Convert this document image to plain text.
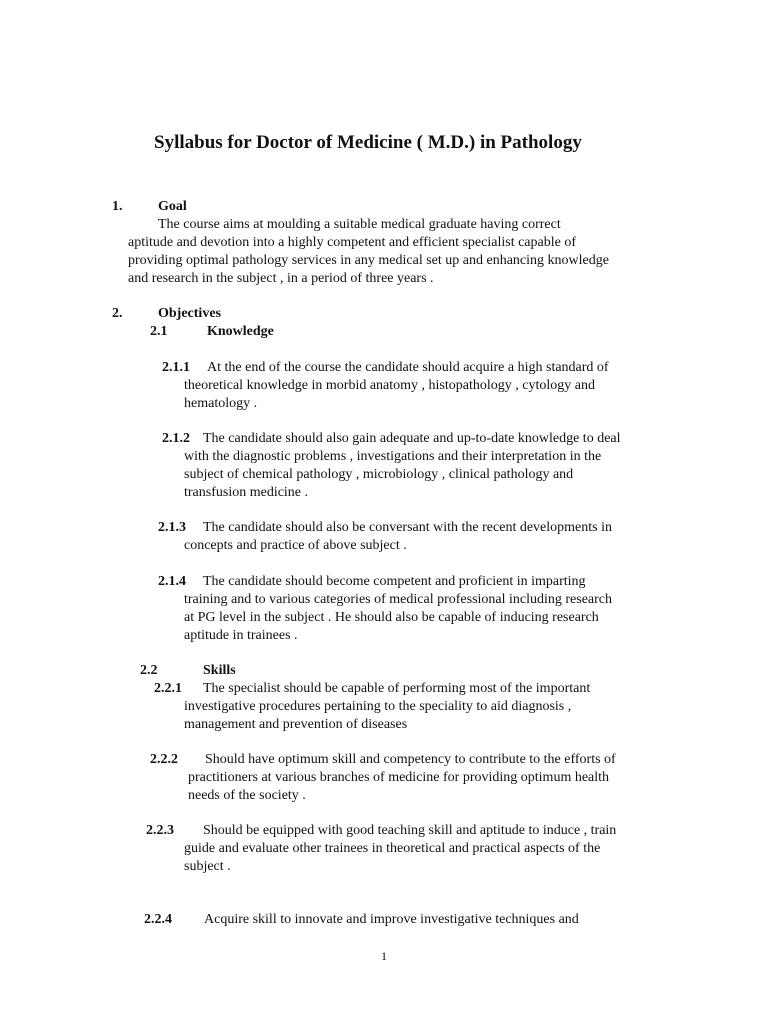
Syllabus for Doctor of Medicine ( M.D.) in Pathology
1.	Goal
The course aims at moulding a suitable medical graduate having correct
aptitude and devotion into a highly competent and efficient specialist capable of
providing optimal pathology services in any medical set up and enhancing knowledge
and research in the subject , in a period of three years .
2.	Objectives
2.1	Knowledge
2.1.1 At the end of the course the candidate should acquire a high standard of
theoretical knowledge in morbid anatomy , histopathology , cytology and
hematology .
2.1.2 The candidate should also gain adequate and up-to-date knowledge to deal
with the diagnostic problems , investigations and their interpretation in the
subject of chemical pathology , microbiology , clinical pathology and
transfusion medicine .
2.1.3 The candidate should also be conversant with the recent developments in
concepts and practice of above subject .
2.1.4 The candidate should become competent and proficient in imparting
training and to various categories of medical professional including research
at PG level in the subject . He should also be capable of inducing research
aptitude in trainees .
2.2	Skills
2.2.1 The specialist should be capable of performing most of the important
investigative procedures pertaining to the speciality to aid diagnosis ,
management and prevention of diseases
2.2.2 Should have optimum skill and competency to contribute to the efforts of
practitioners at various branches of medicine for providing optimum health
needs of the society .
2.2.3 Should be equipped with good teaching skill and aptitude to induce , train
guide and evaluate other trainees in theoretical and practical aspects of the
subject .
2.2.4 Acquire skill to innovate and improve investigative techniques and
1
